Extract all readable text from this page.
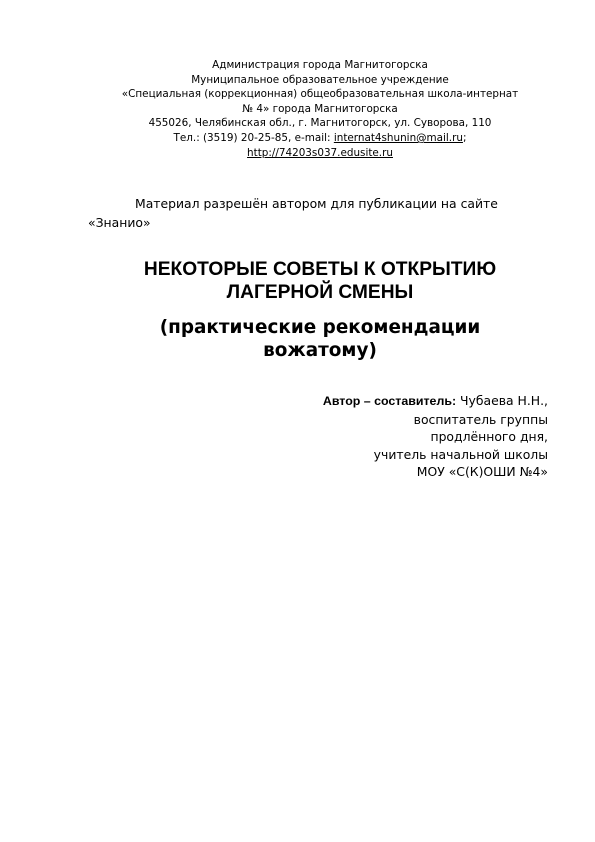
Администрация города Магнитогорска
Муниципальное образовательное учреждение
«Специальная (коррекционная) общеобразовательная школа-интернат
№ 4» города Магнитогорска
455026, Челябинская обл., г. Магнитогорск, ул. Суворова, 110
Тел.: (3519) 20-25-85, e-mail: internat4shunin@mail.ru;
http://74203s037.edusite.ru
Материал разрешён автором для публикации на сайте
«Знанио»
НЕКОТОРЫЕ СОВЕТЫ К ОТКРЫТИЮ
ЛАГЕРНОЙ СМЕНЫ
(практические рекомендации
вожатому)
Автор – составитель: Чубаева Н.Н.,
воспитатель группы
продлённого дня,
учитель начальной школы
МОУ «С(К)ОШИ №4»
